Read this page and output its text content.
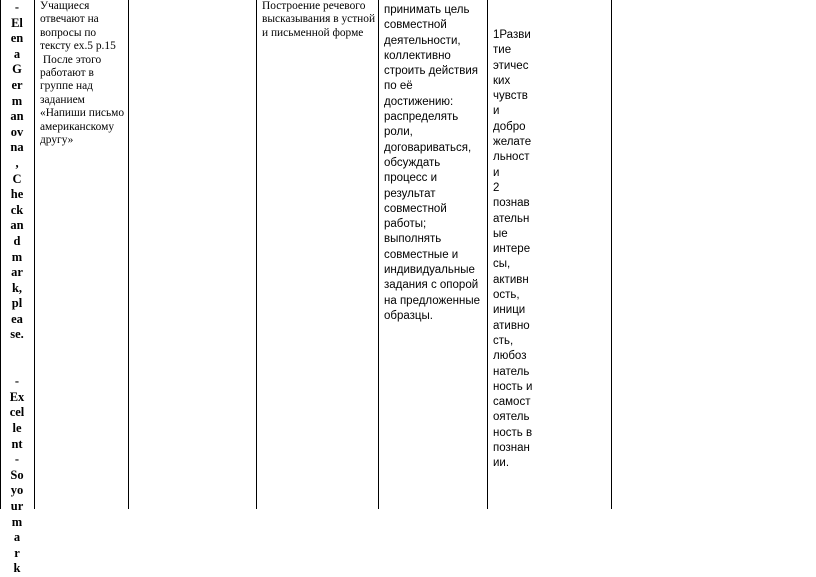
-
El
en
a
G
er
m
an
ov
na
,
C
he
ck
an
d
m
ar
k,
pl
ea
se.

-
Ex
cel
le
nt
-
So
yo
ur
m
a
r
k
Учащиеся
отвечают на
вопросы по
тексту ex.5 p.15
После этого
работают в
группе над
заданием
«Напиши письмо
американскому
другу»
Построение речевого
высказывания в устной
и письменной форме
принимать цель
совместной
деятельности,
коллективно
строить действия
по её
достижению:
распределять
роли,
договариваться,
обсуждать
процесс и
результат
совместной
работы;
выполнять
совместные и
индивидуальные
задания с опорой
на предложенные
образцы.
1Разви
тие
этичес
ких
чувств
и
добро
желате
льност
и
2
познав
ательн
ые
интере
сы,
активн
ость,
иници
ативно
сть,
любоз
натель
ность и
самост
оятель
ность в
познан
ии.
